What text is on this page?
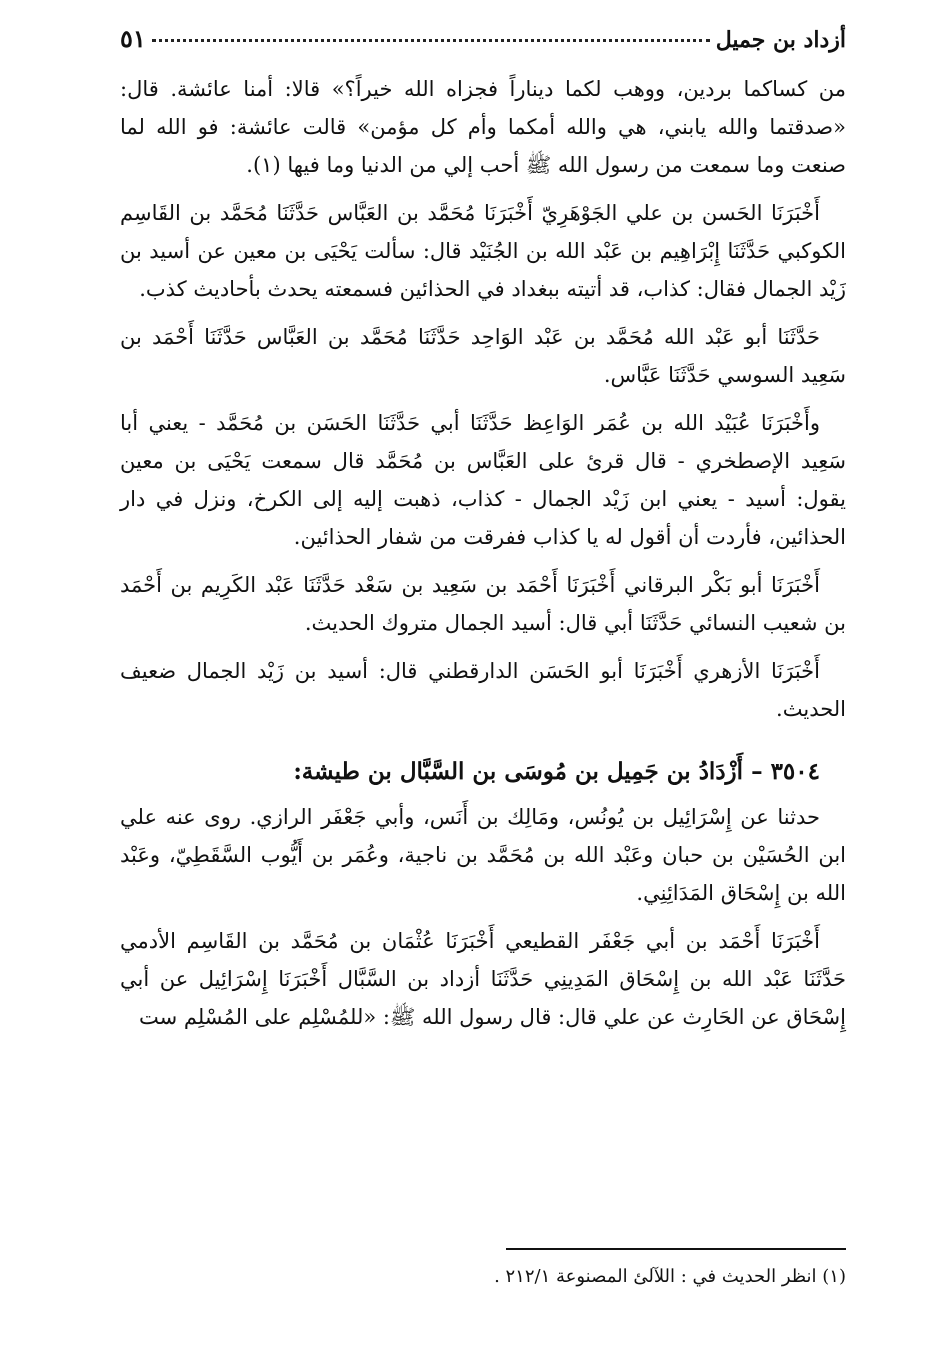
أزداد بن جميل
٥١

من كساكما بردين، ووهب لكما ديناراً فجزاه الله خيراً؟» قالا: أمنا عائشة. قال: «صدقتما والله يابني، هي والله أمكما وأم كل مؤمن» قالت عائشة: فو الله لما صنعت وما سمعت من رسول الله ﷺ أحب إلي من الدنيا وما فيها (١).

أَخْبَرَنَا الحَسن بن علي الجَوْهَرِيّ أَخْبَرَنَا مُحَمَّد بن العَبَّاس حَدَّثَنَا مُحَمَّد بن القَاسِم الكوكبي حَدَّثَنَا إِبْرَاهِيم بن عَبْد الله بن الجُنَيْد قال: سألت يَحْيَى بن معين عن أسيد بن زَيْد الجمال فقال: كذاب، قد أتيته ببغداد في الحذائين فسمعته يحدث بأحاديث كذب.

حَدَّثَنَا أبو عَبْد الله مُحَمَّد بن عَبْد الوَاحِد حَدَّثَنَا مُحَمَّد بن العَبَّاس حَدَّثَنَا أَحْمَد بن سَعِيد السوسي حَدَّثَنَا عَبَّاس.

وأَخْبَرَنَا عُبَيْد الله بن عُمَر الوَاعِظ حَدَّثَنَا أبي حَدَّثَنَا الحَسَن بن مُحَمَّد - يعني أبا سَعِيد الإصطخري - قال قرئ على العَبَّاس بن مُحَمَّد قال سمعت يَحْيَى بن معين يقول: أسيد - يعني ابن زَيْد الجمال - كذاب، ذهبت إليه إلى الكرخ، ونزل في دار الحذائين، فأردت أن أقول له يا كذاب ففرقت من شفار الحذائين.

أَخْبَرَنَا أبو بَكْر البرقاني أَخْبَرَنَا أَحْمَد بن سَعِيد بن سَعْد حَدَّثَنَا عَبْد الكَرِيم بن أَحْمَد بن شعيب النسائي حَدَّثَنَا أبي قال: أسيد الجمال متروك الحديث.

أَخْبَرَنَا الأزهري أَخْبَرَنَا أبو الحَسَن الدارقطني قال: أسيد بن زَيْد الجمال ضعيف الحديث.

٣٥٠٤ – أَزْدَادُ بن جَمِيل بن مُوسَى بن السَّبَّال بن طيشة:

حدثنا عن إِسْرَائِيل بن يُونُس، ومَالِك بن أَنَس، وأبي جَعْفَر الرازي. روى عنه علي ابن الحُسَيْن بن حبان وعَبْد الله بن مُحَمَّد بن ناجية، وعُمَر بن أَيُّوب السَّقَطِيّ، وعَبْد الله بن إِسْحَاق المَدَائِنِي.

أَخْبَرَنَا أَحْمَد بن أبي جَعْفَر القطيعي أَخْبَرَنَا عُثْمَان بن مُحَمَّد بن القَاسِم الأدمي حَدَّثَنَا عَبْد الله بن إِسْحَاق المَدِينِي حَدَّثَنَا أزداد بن السَّبَّال أَخْبَرَنَا إِسْرَائِيل عن أبي إِسْحَاق عن الحَارِث عن علي قال: قال رسول الله ﷺ: «للمُسْلِم على المُسْلِم ست

(١) انظر الحديث في : اللآلئ المصنوعة ٢١٢/١ .
